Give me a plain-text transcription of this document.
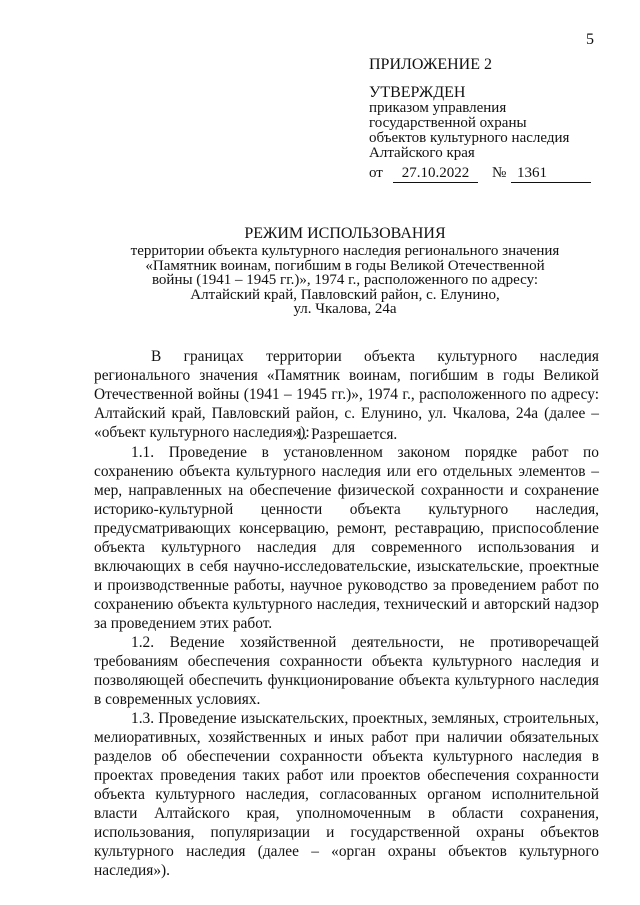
5
ПРИЛОЖЕНИЕ 2
УТВЕРЖДЕН
приказом управления
государственной охраны
объектов культурного наследия
Алтайского края
от	27.10.2022	№ 1361
РЕЖИМ ИСПОЛЬЗОВАНИЯ
территории объекта культурного наследия регионального значения
«Памятник воинам, погибшим в годы Великой Отечественной
войны (1941 – 1945 гг.)», 1974 г., расположенного по адресу:
Алтайский край, Павловский район, с. Елунино,
ул. Чкалова, 24а

В границах территории объекта культурного наследия регионального значения «Памятник воинам, погибшим в годы Великой Отечественной войны (1941 – 1945 гг.)», 1974 г., расположенного по адресу: Алтайский край, Павловский район, с. Елунино, ул. Чкалова, 24а (далее – «объект культурного наследия»):

1. Разрешается.

1.1. Проведение в установленном законом порядке работ по сохранению объекта культурного наследия или его отдельных элементов – мер, направленных на обеспечение физической сохранности и сохранение историко-культурной ценности объекта культурного наследия, предусматривающих консервацию, ремонт, реставрацию, приспособление объекта культурного наследия для современного использования и включающих в себя научно-исследовательские, изыскательские, проектные и производственные работы, научное руководство за проведением работ по сохранению объекта культурного наследия, технический и авторский надзор за проведением этих работ.

1.2. Ведение хозяйственной деятельности, не противоречащей требованиям обеспечения сохранности объекта культурного наследия и позволяющей обеспечить функционирование объекта культурного наследия в современных условиях.

1.3. Проведение изыскательских, проектных, земляных, строительных, мелиоративных, хозяйственных и иных работ при наличии обязательных разделов об обеспечении сохранности объекта культурного наследия в проектах проведения таких работ или проектов обеспечения сохранности объекта культурного наследия, согласованных органом исполнительной власти Алтайского края, уполномоченным в области сохранения, использования, популяризации и государственной охраны объектов культурного наследия (далее – «орган охраны объектов культурного наследия»).
